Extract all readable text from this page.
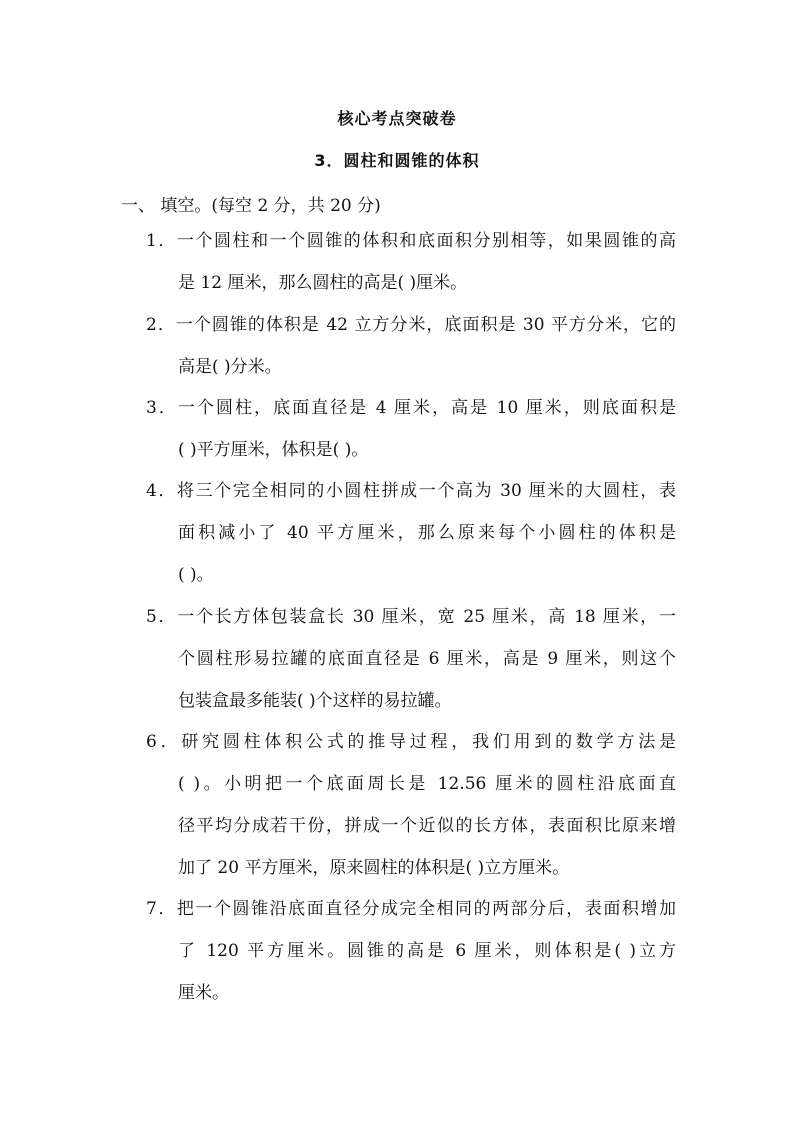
核心考点突破卷
3．圆柱和圆锥的体积
一、 填空。(每空 2 分，共 20 分)
1．一个圆柱和一个圆锥的体积和底面积分别相等，如果圆锥的高
是 12 厘米，那么圆柱的高是( )厘米。
2．一个圆锥的体积是 42 立方分米，底面积是 30 平方分米，它的
高是( )分米。
3．一个圆柱，底面直径是 4 厘米，高是 10 厘米，则底面积是
( )平方厘米，体积是( )。
4．将三个完全相同的小圆柱拼成一个高为 30 厘米的大圆柱，表
面积减小了 40 平方厘米，那么原来每个小圆柱的体积是
( )。
5．一个长方体包装盒长 30 厘米，宽 25 厘米，高 18 厘米，一
个圆柱形易拉罐的底面直径是 6 厘米，高是 9 厘米，则这个
包装盒最多能装( )个这样的易拉罐。
6．研究圆柱体积公式的推导过程，我们用到的数学方法是
( )。小明把一个底面周长是 12.56 厘米的圆柱沿底面直
径平均分成若干份，拼成一个近似的长方体，表面积比原来增
加了 20 平方厘米，原来圆柱的体积是( )立方厘米。
7．把一个圆锥沿底面直径分成完全相同的两部分后，表面积增加
了 120 平方厘米。圆锥的高是 6 厘米，则体积是( )立方
厘米。
